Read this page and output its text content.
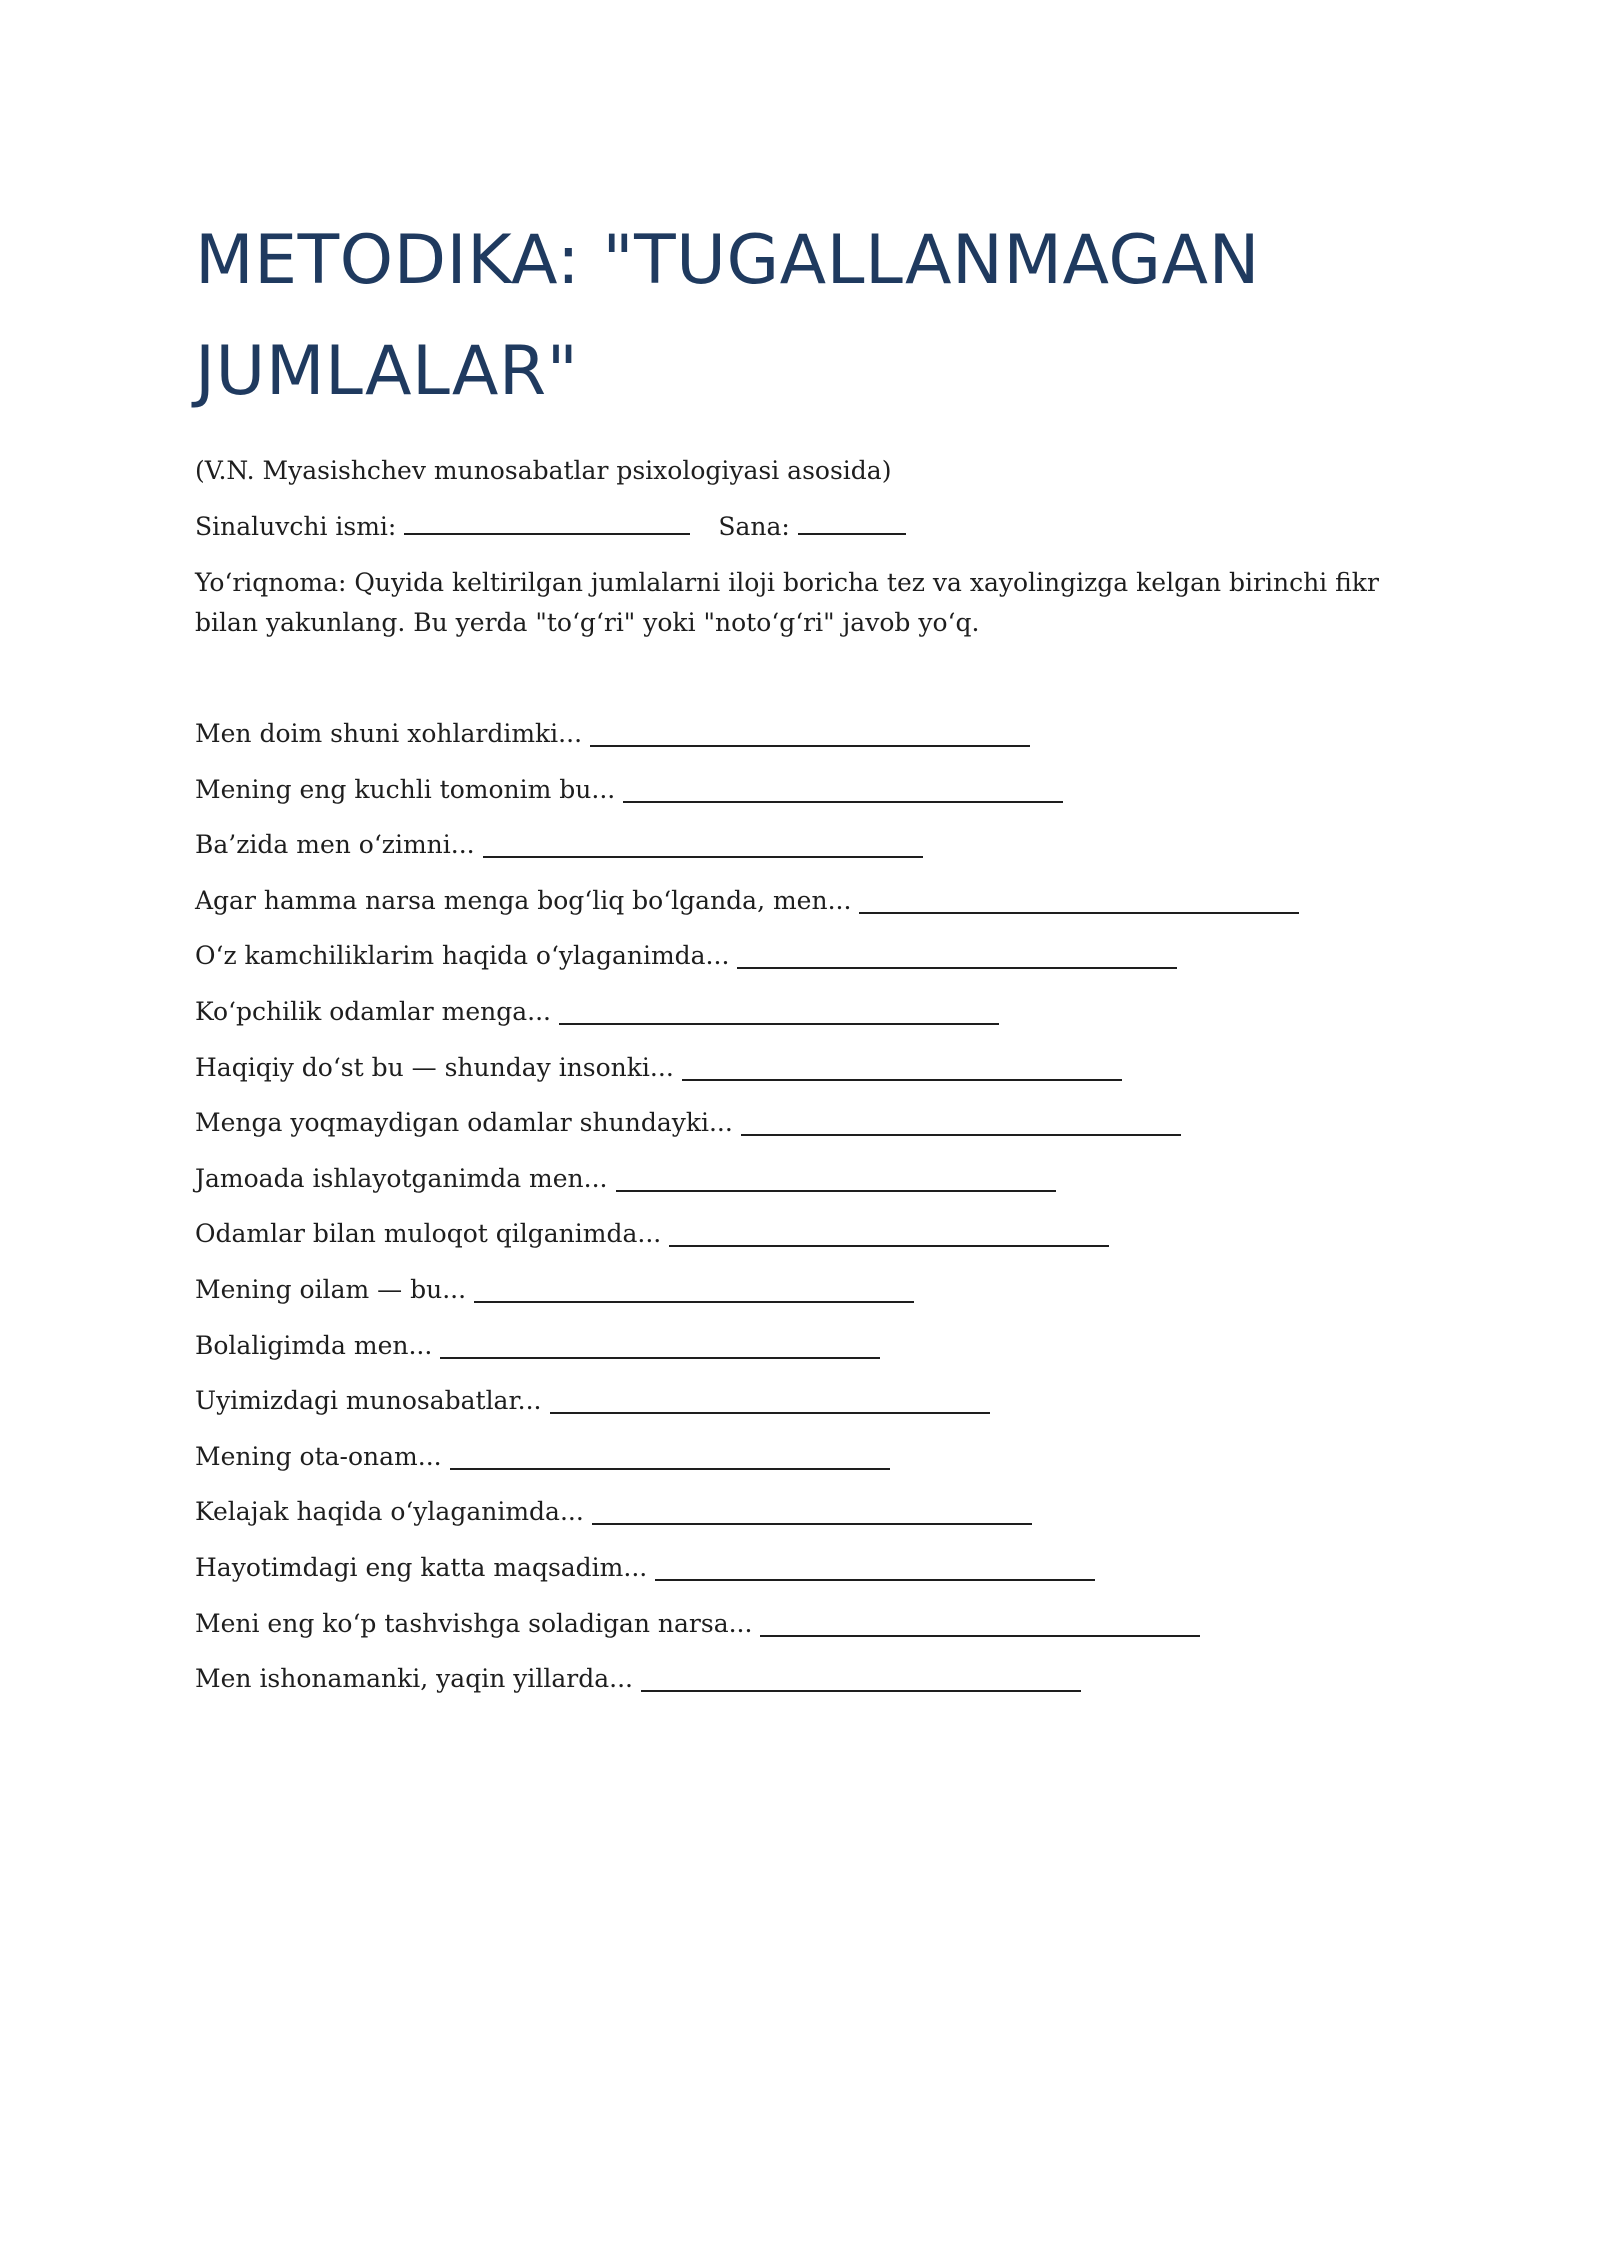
METODIKA: "TUGALLANMAGAN
JUMLALAR"
(V.N. Myasishchev munosabatlar psixologiyasi asosida)
Sinaluvchi ismi:	Sana:
Yo‘riqnoma: Quyida keltirilgan jumlalarni iloji boricha tez va xayolingizga kelgan birinchi fikr bilan yakunlang. Bu yerda "to‘g‘ri" yoki "noto‘g‘ri" javob yo‘q.
Men doim shuni xohlardimki...
Mening eng kuchli tomonim bu...
Ba’zida men o‘zimni...
Agar hamma narsa menga bog‘liq bo‘lganda, men...
O‘z kamchiliklarim haqida o‘ylaganimda...
Ko‘pchilik odamlar menga...
Haqiqiy do‘st bu — shunday insonki...
Menga yoqmaydigan odamlar shundayki...
Jamoada ishlayotganimda men...
Odamlar bilan muloqot qilganimda...
Mening oilam — bu...
Bolaligimda men...
Uyimizdagi munosabatlar...
Mening ota-onam...
Kelajak haqida o‘ylaganimda...
Hayotimdagi eng katta maqsadim...
Meni eng ko‘p tashvishga soladigan narsa...
Men ishonamanki, yaqin yillarda...
